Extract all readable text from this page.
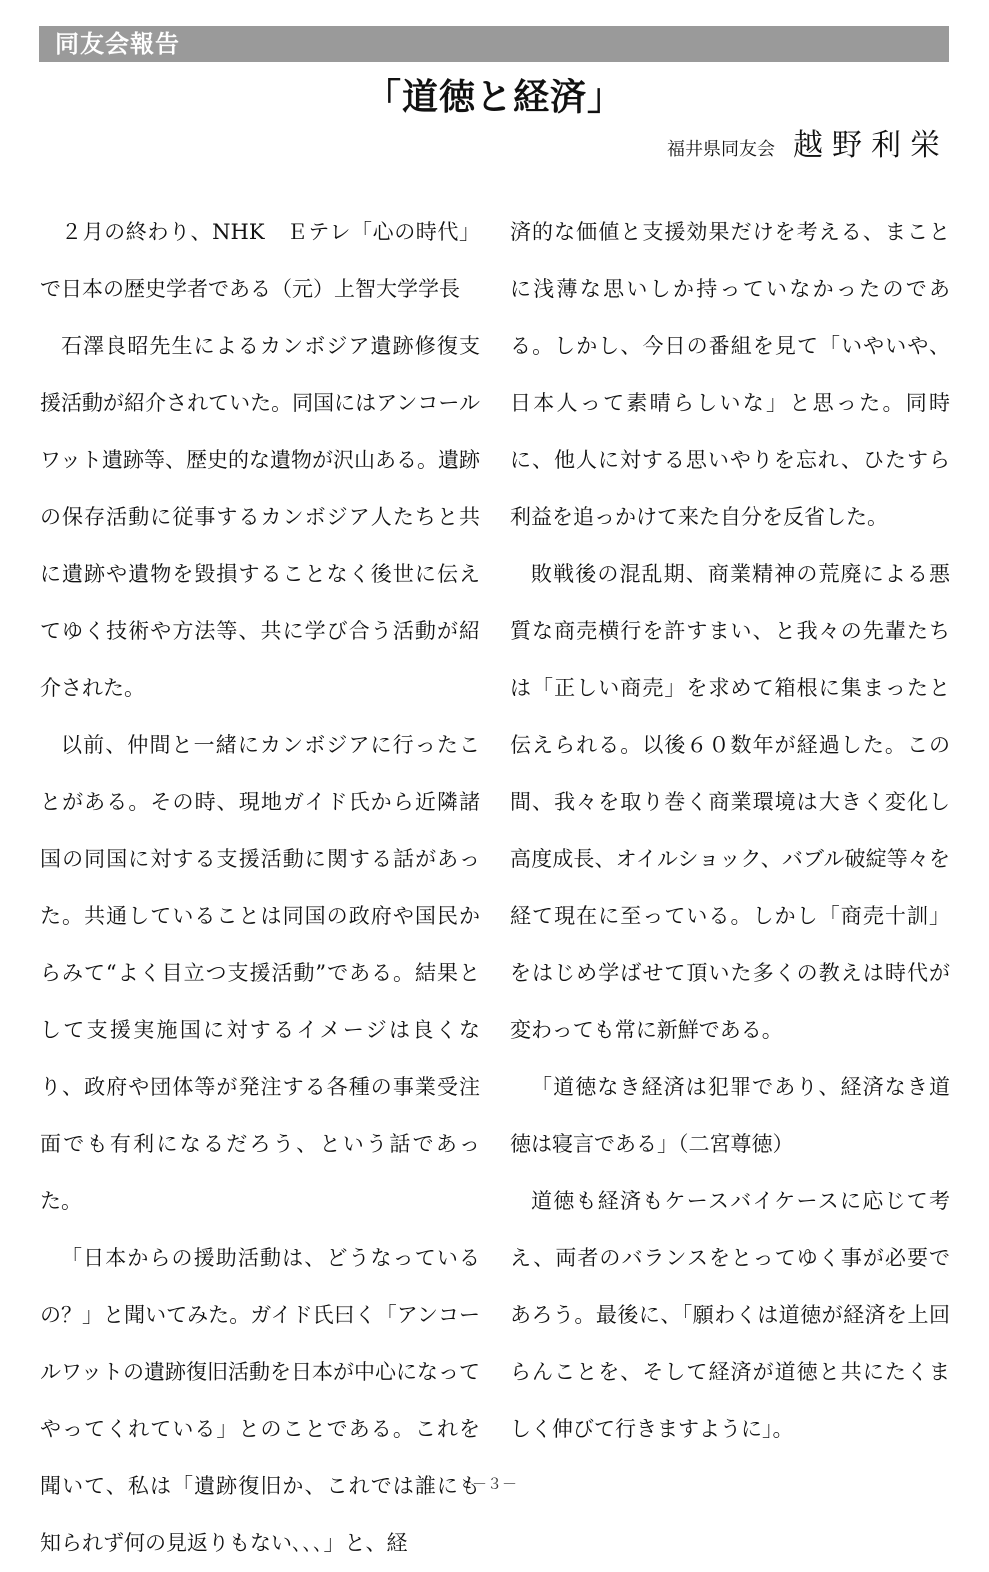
同友会報告
「道徳と経済」
福井県同友会 越野利栄

２月の終わり、NHK　Ｅテレ「心の時代」で日本の歴史学者である（元）上智大学学長

石澤良昭先生によるカンボジア遺跡修復支援活動が紹介されていた。同国にはアンコールワット遺跡等、歴史的な遺物が沢山ある。遺跡の保存活動に従事するカンボジア人たちと共に遺跡や遺物を毀損することなく後世に伝えてゆく技術や方法等、共に学び合う活動が紹介された。

以前、仲間と一緒にカンボジアに行ったことがある。その時、現地ガイド氏から近隣諸国の同国に対する支援活動に関する話があった。共通していることは同国の政府や国民からみて“よく目立つ支援活動”である。結果として支援実施国に対するイメージは良くなり、政府や団体等が発注する各種の事業受注面でも有利になるだろう、という話であった。

「日本からの援助活動は、どうなっているの？」と聞いてみた。ガイド氏曰く「アンコールワットの遺跡復旧活動を日本が中心になってやってくれている」とのことである。これを聞いて、私は「遺跡復旧か、これでは誰にも知られず何の見返りもない､､､」と、経

済的な価値と支援効果だけを考える、まことに浅薄な思いしか持っていなかったのである。しかし、今日の番組を見て「いやいや、日本人って素晴らしいな」と思った。同時に、他人に対する思いやりを忘れ、ひたすら利益を追っかけて来た自分を反省した。

敗戦後の混乱期、商業精神の荒廃による悪質な商売横行を許すまい、と我々の先輩たちは「正しい商売」を求めて箱根に集まったと伝えられる。以後６０数年が経過した。この間、我々を取り巻く商業環境は大きく変化し高度成長、オイルショック、バブル破綻等々を経て現在に至っている。しかし「商売十訓」をはじめ学ばせて頂いた多くの教えは時代が変わっても常に新鮮である。

「道徳なき経済は犯罪であり、経済なき道徳は寝言である」（二宮尊徳）

道徳も経済もケースバイケースに応じて考え、両者のバランスをとってゆく事が必要であろう。最後に、「願わくは道徳が経済を上回らんことを、そして経済が道徳と共にたくましく伸びて行きますように」。

－３－
